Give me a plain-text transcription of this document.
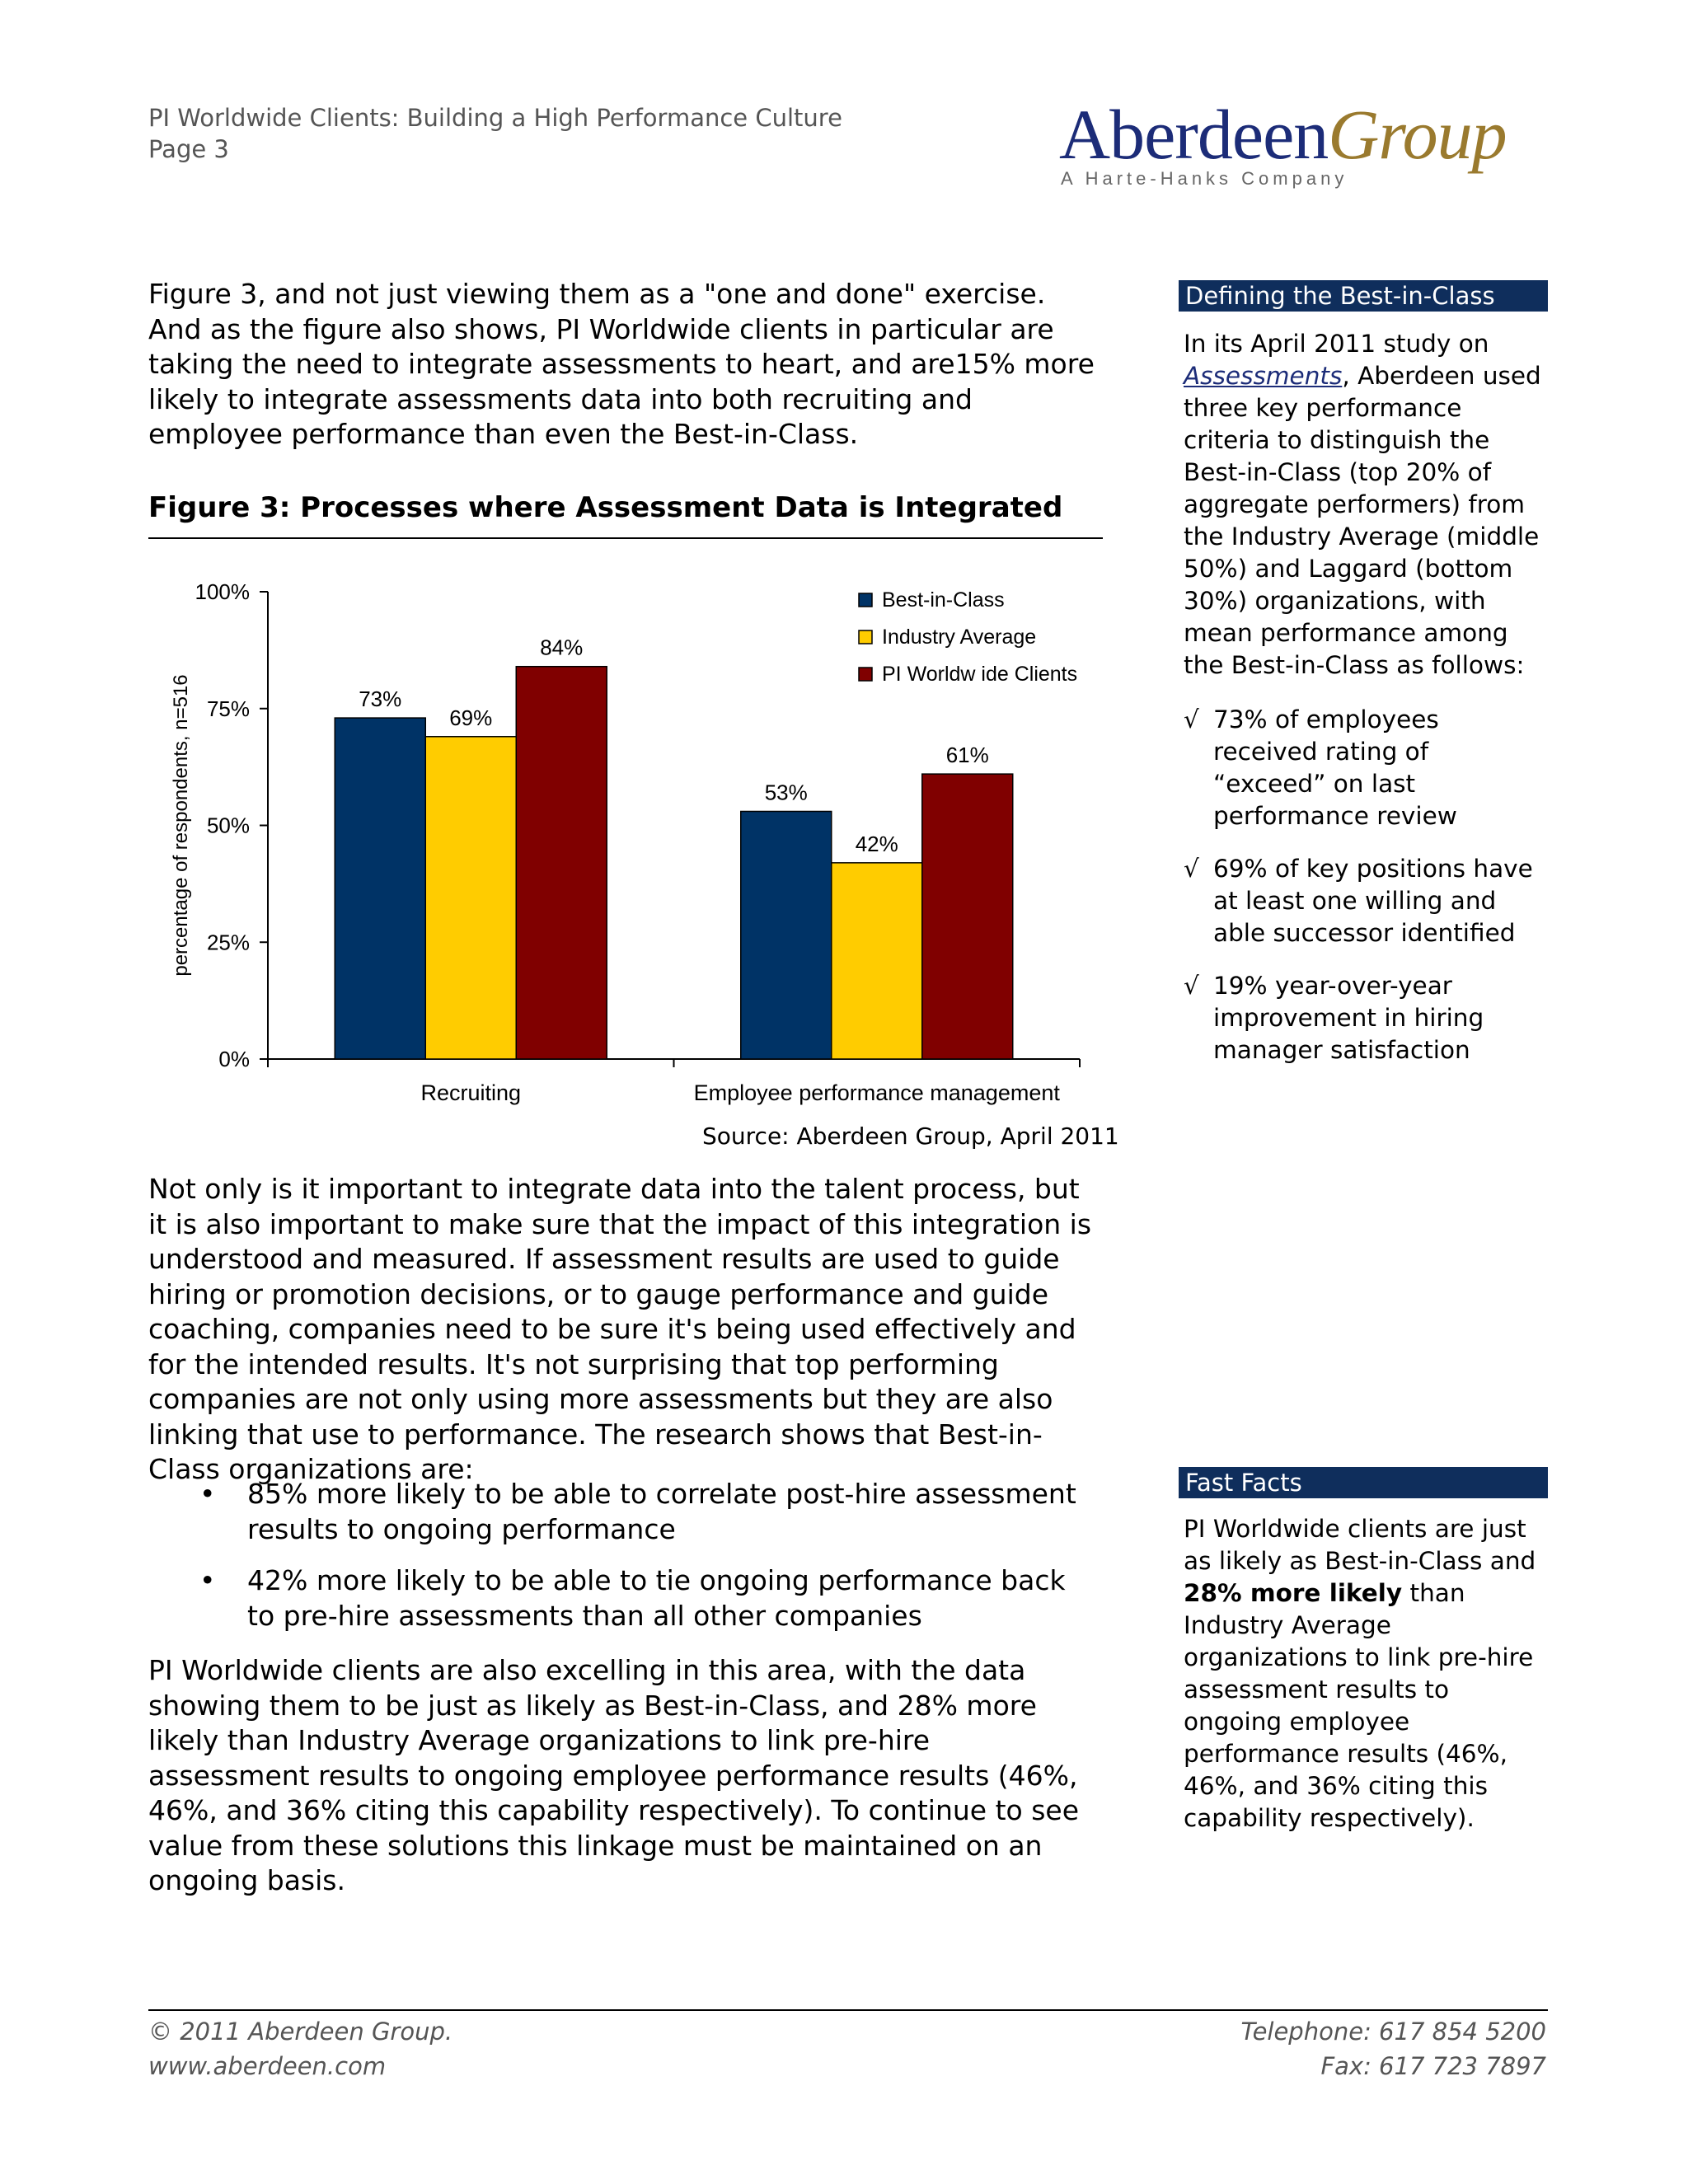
PI Worldwide Clients: Building a High Performance Culture
Page 3	AberdeenGroup
A Harte-Hanks Company

Figure 3, and not just viewing them as a "one and done" exercise. And as the figure also shows, PI Worldwide clients in particular are taking the need to integrate assessments to heart, and are15% more likely to integrate assessments data into both recruiting and employee performance than even the Best-in-Class.

Figure 3: Processes where Assessment Data is Integrated
0%
25%
50%
75%
100%
percentage of respondents, n=516	73%
69%
84%
Recruiting
53%
42%
61%
Employee performance management
Best-in-Class
Industry Average
PI Worldw ide Clients
Source: Aberdeen Group, April 2011

Not only is it important to integrate data into the talent process, but it is also important to make sure that the impact of this integration is understood and measured. If assessment results are used to guide hiring or promotion decisions, or to gauge performance and guide coaching, companies need to be sure it's being used effectively and for the intended results. It's not surprising that top performing companies are not only using more assessments but they are also linking that use to performance. The research shows that Best-in-Class organizations are:

• 85% more likely to be able to correlate post-hire assessment results to ongoing performance
• 42% more likely to be able to tie ongoing performance back to pre-hire assessments than all other companies

PI Worldwide clients are also excelling in this area, with the data showing them to be just as likely as Best-in-Class, and 28% more likely than Industry Average organizations to link pre-hire assessment results to ongoing employee performance results (46%, 46%, and 36% citing this capability respectively). To continue to see value from these solutions this linkage must be maintained on an ongoing basis.

Defining the Best-in-Class
In its April 2011 study on Assessments, Aberdeen used three key performance criteria to distinguish the Best-in-Class (top 20% of aggregate performers) from the Industry Average (middle 50%) and Laggard (bottom 30%) organizations, with mean performance among the Best-in-Class as follows:
√ 73% of employees received rating of “exceed” on last performance review
√ 69% of key positions have at least one willing and able successor identified
√ 19% year-over-year improvement in hiring manager satisfaction
Fast Facts
PI Worldwide clients are just as likely as Best-in-Class and 28% more likely than Industry Average organizations to link pre-hire assessment results to ongoing employee performance results (46%, 46%, and 36% citing this capability respectively).
© 2011 Aberdeen Group.
www.aberdeen.com
Telephone: 617 854 5200
Fax: 617 723 7897
